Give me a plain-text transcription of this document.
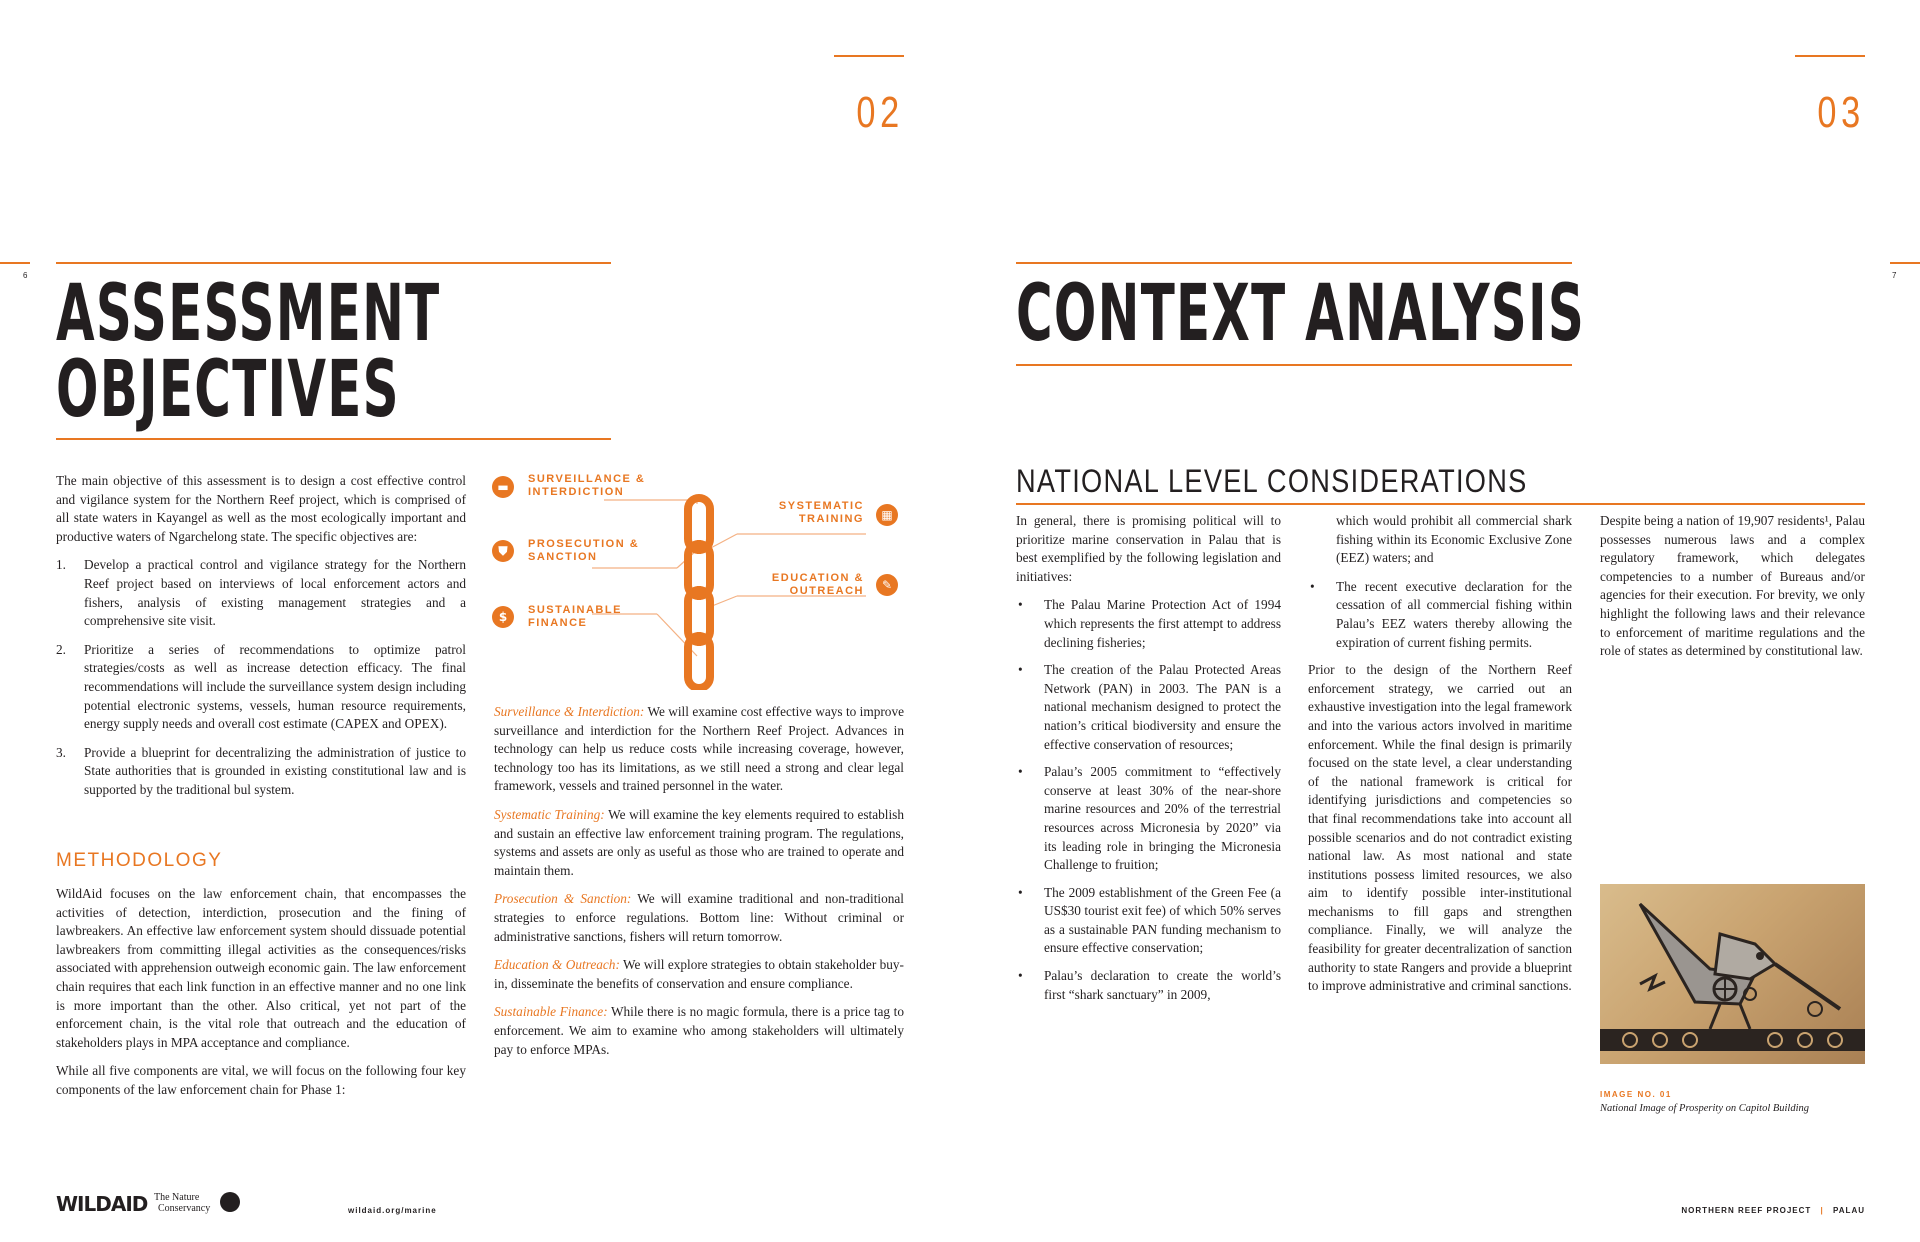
02
6 ASSESSMENT
OBJECTIVES

The main objective of this assessment is to design a cost effective control and vigilance system for the Northern Reef project, which is comprised of all state waters in Kayangel as well as the most ecologically important and productive waters of Ngarchelong state. The specific objectives are:

1.	Develop a practical control and vigilance strategy for the Northern Reef project based on interviews of local enforcement actors and fishers, analysis of existing management strategies and a comprehensive site visit.
2.	Prioritize a series of recommendations to optimize patrol strategies/costs as well as increase detection efficacy. The final recommendations will include the surveillance system design including potential electronic systems, vessels, human resource requirements, energy supply needs and overall cost estimate (CAPEX and OPEX).
3.	Provide a blueprint for decentralizing the administration of justice to State authorities that is grounded in existing constitutional law and is supported by the traditional bul system.
METHODOLOGY

WildAid focuses on the law enforcement chain, that encompasses the activities of detection, interdiction, prosecution and the fining of lawbreakers. An effective law enforcement system should dissuade potential lawbreakers from committing illegal activities as the consequences/risks associated with apprehension outweigh economic gain. The law enforcement chain requires that each link function in an effective manner and no one link is more important than the other. Also critical, yet not part of the enforcement chain, is the vital role that outreach and the education of stakeholders plays in MPA acceptance and compliance.

While all five components are vital, we will focus on the following four key components of the law enforcement chain for Phase 1:

▬
SURVEILLANCE &
INTERDICTION
⛊	PROSECUTION &
SANCTION
$	SUSTAINABLE
FINANCE
SYSTEMATIC
TRAINING	▦
EDUCATION &
OUTREACH	✎

Surveillance & Interdiction: We will examine cost effective ways to improve surveillance and interdiction for the Northern Reef Project. Advances in technology can help us reduce costs while increasing coverage, however, technology too has its limitations, as we still need a strong and clear legal framework, vessels and trained personnel in the water.

Systematic Training: We will examine the key elements required to establish and sustain an effective law enforcement training program. The regulations, systems and assets are only as useful as those who are trained to operate and maintain them.

Prosecution & Sanction: We will examine traditional and non-traditional strategies to enforce regulations. Bottom line: Without criminal or administrative sanctions, fishers will return tomorrow.

Education & Outreach: We will explore strategies to obtain stakeholder buy-in, disseminate the benefits of conservation and ensure compliance.

Sustainable Finance: While there is no magic formula, there is a price tag to enforcement. We aim to examine who among stakeholders will ultimately pay to enforce MPAs.

WILDAID The Nature
Conservancy	wildaid.org/marine
03
7
CONTEXT ANALYSIS
NATIONAL LEVEL CONSIDERATIONS

In general, there is promising political will to prioritize marine conservation in Palau that is best exemplified by the following legislation and initiatives:

•	The Palau Marine Protection Act of 1994 which represents the first attempt to address declining fisheries;
•	The creation of the Palau Protected Areas Network (PAN) in 2003. The PAN is a national mechanism designed to protect the nation’s critical biodiversity and ensure the effective conservation of resources;
•	Palau’s 2005 commitment to “effectively conserve at least 30% of the near-shore marine resources and 20% of the terrestrial resources across Micronesia by 2020” via its leading role in bringing the Micronesia Challenge to fruition;
•	The 2009 establishment of the Green Fee (a US$30 tourist exit fee) of which 50% serves as a sustainable PAN funding mechanism to ensure effective conservation;
•	Palau’s declaration to create the world’s first “shark sanctuary” in 2009,

which would prohibit all commercial shark fishing within its Economic Exclusive Zone (EEZ) waters; and

•	The recent executive declaration for the cessation of all commercial fishing within Palau’s EEZ waters thereby allowing the expiration of current fishing permits.

Prior to the design of the Northern Reef enforcement strategy, we carried out an exhaustive investigation into the legal framework and into the various actors involved in maritime enforcement. While the final design is primarily focused on the state level, a clear understanding of the national framework is critical for identifying jurisdictions and competencies so that final recommendations take into account all possible scenarios and do not contradict existing national law. As most national and state institutions possess limited resources, we also aim to identify possible inter-institutional mechanisms to fill gaps and strengthen compliance. Finally, we will analyze the feasibility for greater decentralization of sanction authority to state Rangers and provide a blueprint to improve administrative and criminal sanctions.

Despite being a nation of 19,907 residents¹, Palau possesses numerous laws and a complex regulatory framework, which delegates competencies to a number of Bureaus and/or agencies for their execution. For brevity, we only highlight the following laws and their relevance to enforcement of maritime regulations and the role of states as determined by constitutional law.

IMAGE NO. 01
National Image of Prosperity on Capitol Building
NORTHERN REEF PROJECT | PALAU
